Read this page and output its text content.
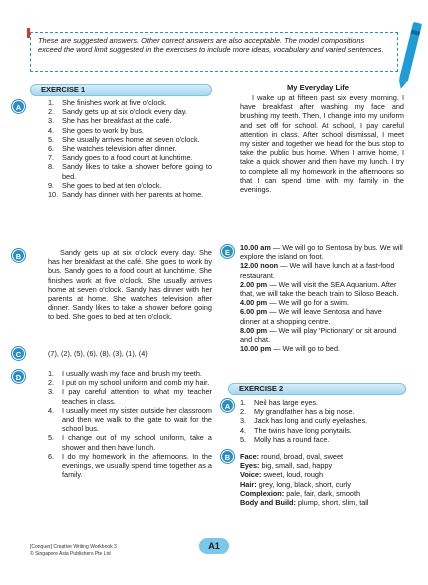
These are suggested answers. Other correct answers are also acceptable. The model compositions exceed the word limit suggested in the exercises to include more ideas, vocabulary and varied sentences.
EXERCISE 1
A
1.	She finishes work at five o'clock.
2.	Sandy gets up at six o'clock every day.
3.	She has her breakfast at the café.
4.	She goes to work by bus.
5.	She usually arrives home at seven o'clock.
6.	She watches television after dinner.
7.	Sandy goes to a food court at lunchtime.
8.	Sandy likes to take a shower before going to bed.
9.	She goes to bed at ten o'clock.
10. Sandy has dinner with her parents at home.
B	Sandy gets up at six o'clock every day. She has her breakfast at the café. She goes to work by bus. Sandy goes to a food court at lunchtime. She finishes work at five o'clock. She usually arrives home at seven o'clock. Sandy has dinner with her parents at home. She watches television after dinner. Sandy likes to take a shower before going to bed. She goes to bed at ten o'clock.
C	(7), (2), (5), (6), (8), (3), (1), (4)
D	1.	I usually wash my face and brush my teeth.
2.	I put on my school uniform and comb my hair.
3.	I pay careful attention to what my teacher teaches in class.
4.	I usually meet my sister outside her classroom and then we walk to the gate to wait for the school bus.
5.	I change out of my school uniform, take a shower and then have lunch.
6.	I do my homework in the afternoons. In the evenings, we usually spend time together as a family.
My Everyday Life
I wake up at fifteen past six every morning. I have breakfast after washing my face and brushing my teeth. Then, I change into my uniform and set off for school. At school, I pay careful attention in class. After school dismissal, I meet my sister and together we head for the bus stop to take the public bus home. When I arrive home, I take a quick shower and then have my lunch. I try to complete all my homework in the afternoons so that I can spend time with my family in the evenings.
E
10.00 am — We will go to Sentosa by bus. We will explore the island on foot.
12.00 noon — We will have lunch at a fast-food restaurant.
2.00 pm — We will visit the SEA Aquarium. After that, we will take the beach train to Siloso Beach.
4.00 pm — We will go for a swim.
6.00 pm — We will leave Sentosa and have dinner at a shopping centre.
8.00 pm — We will play 'Pictionary' or sit around and chat.
10.00 pm — We will go to bed.
EXERCISE 2
A	1.	Neil has large eyes.
2.	My grandfather has a big nose.
3.	Jack has long and curly eyelashes.
4.	The twins have long ponytails.
5.	Molly has a round face.
B	Face: round, broad, oval, sweet
Eyes: big, small, sad, happy
Voice: sweet, loud, rough
Hair: grey, long, black, short, curly
Complexion: pale, fair, dark, smooth
Body and Build: plump, short, slim, tall
[Conquer] Creative Writing Workbook 3
© Singapore Asia Publishers Pte Ltd
A1
